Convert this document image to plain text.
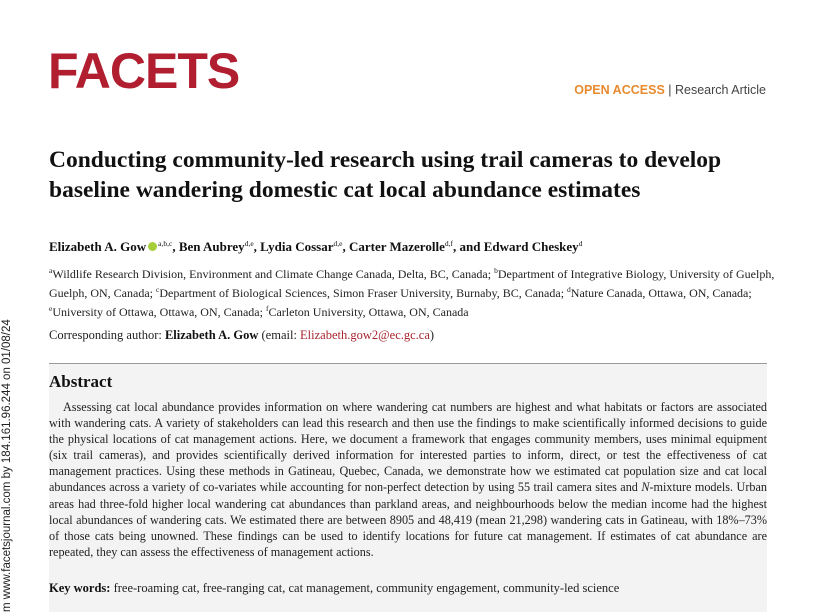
m www.facetsjournal.com by 184.161.96.244 on 01/08/24
FACETS	OPEN ACCESS | Research Article
Conducting community-led research using trail cameras to develop baseline wandering domestic cat local abundance estimates

Elizabeth A. Gow $^{a,b,c}$, Ben Aubrey$^{d,e}$, Lydia Cossar$^{d,e}$, Carter Mazerolle$^{d,f}$, and Edward Cheskey$^d$

$^a$Wildlife Research Division, Environment and Climate Change Canada, Delta, BC, Canada; $^b$Department of Integrative Biology, University of Guelph, Guelph, ON, Canada; $^c$Department of Biological Sciences, Simon Fraser University, Burnaby, BC, Canada; $^d$Nature Canada, Ottawa, ON, Canada; $^e$University of Ottawa, Ottawa, ON, Canada; $^f$Carleton University, Ottawa, ON, Canada

Corresponding author: Elizabeth A. Gow (email: Elizabeth.gow2@ec.gc.ca)

Abstract

Assessing cat local abundance provides information on where wandering cat numbers are highest and what habitats or factors are associated with wandering cats. A variety of stakeholders can lead this research and then use the findings to make scientifically informed decisions to guide the physical locations of cat management actions. Here, we document a framework that engages community members, uses minimal equipment (six trail cameras), and provides scientifically derived information for interested parties to inform, direct, or test the effectiveness of cat management practices. Using these methods in Gatineau, Quebec, Canada, we demonstrate how we estimated cat population size and cat local abundances across a variety of co-variates while accounting for non-perfect detection by using 55 trail camera sites and N-mixture models. Urban areas had three-fold higher local wandering cat abundances than parkland areas, and neighbourhoods below the median income had the highest local abundances of wandering cats. We estimated there are between 8905 and 48,419 (mean 21,298) wandering cats in Gatineau, with 18%–73% of those cats being unowned. These findings can be used to identify locations for future cat management. If estimates of cat abundance are repeated, they can assess the effectiveness of management actions.

Key words: free-roaming cat, free-ranging cat, cat management, community engagement, community-led science
